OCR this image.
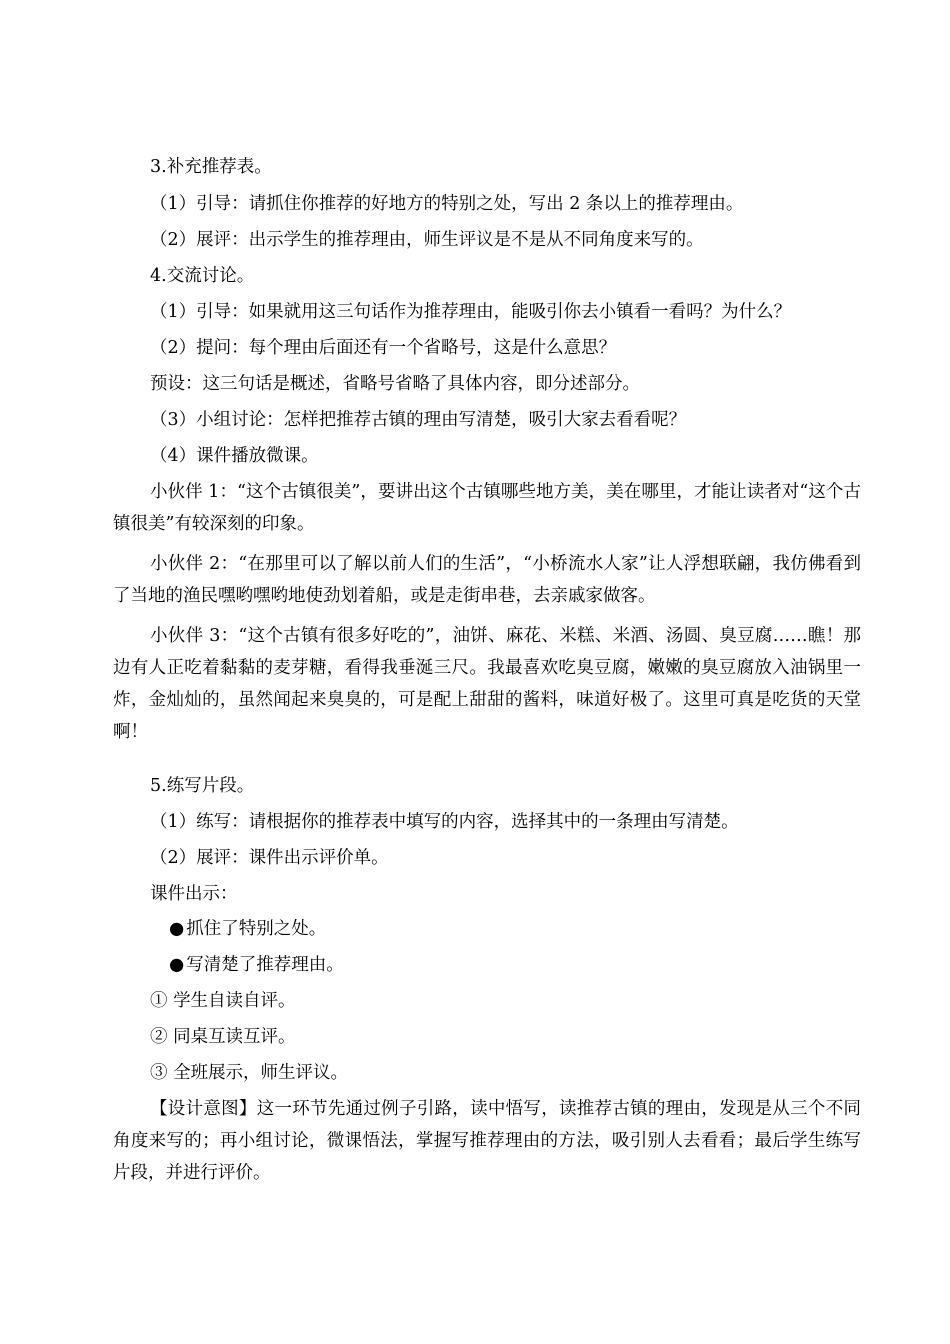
3.补充推荐表。
（1）引导：请抓住你推荐的好地方的特别之处，写出 2 条以上的推荐理由。
（2）展评：出示学生的推荐理由，师生评议是不是从不同角度来写的。
4.交流讨论。
（1）引导：如果就用这三句话作为推荐理由，能吸引你去小镇看一看吗？为什么？
（2）提问：每个理由后面还有一个省略号，这是什么意思？
预设：这三句话是概述，省略号省略了具体内容，即分述部分。
（3）小组讨论：怎样把推荐古镇的理由写清楚，吸引大家去看看呢？
（4）课件播放微课。
小伙伴 1：“这个古镇很美”，要讲出这个古镇哪些地方美，美在哪里，才能让读者对“这个古镇很美”有较深刻的印象。
小伙伴 2：“在那里可以了解以前人们的生活”，“小桥流水人家”让人浮想联翩，我仿佛看到了当地的渔民嘿哟嘿哟地使劲划着船，或是走街串巷，去亲戚家做客。
小伙伴 3：“这个古镇有很多好吃的”，油饼、麻花、米糕、米酒、汤圆、臭豆腐……瞧！那边有人正吃着黏黏的麦芽糖，看得我垂涎三尺。我最喜欢吃臭豆腐，嫩嫩的臭豆腐放入油锅里一炸，金灿灿的，虽然闻起来臭臭的，可是配上甜甜的酱料，味道好极了。这里可真是吃货的天堂啊！
5.练写片段。
（1）练写：请根据你的推荐表中填写的内容，选择其中的一条理由写清楚。
（2）展评：课件出示评价单。
课件出示：
● 抓住了特别之处。
● 写清楚了推荐理由。
① 学生自读自评。
② 同桌互读互评。
③ 全班展示，师生评议。
【设计意图】这一环节先通过例子引路，读中悟写，读推荐古镇的理由，发现是从三个不同角度来写的；再小组讨论，微课悟法，掌握写推荐理由的方法，吸引别人去看看；最后学生练写片段，并进行评价。
